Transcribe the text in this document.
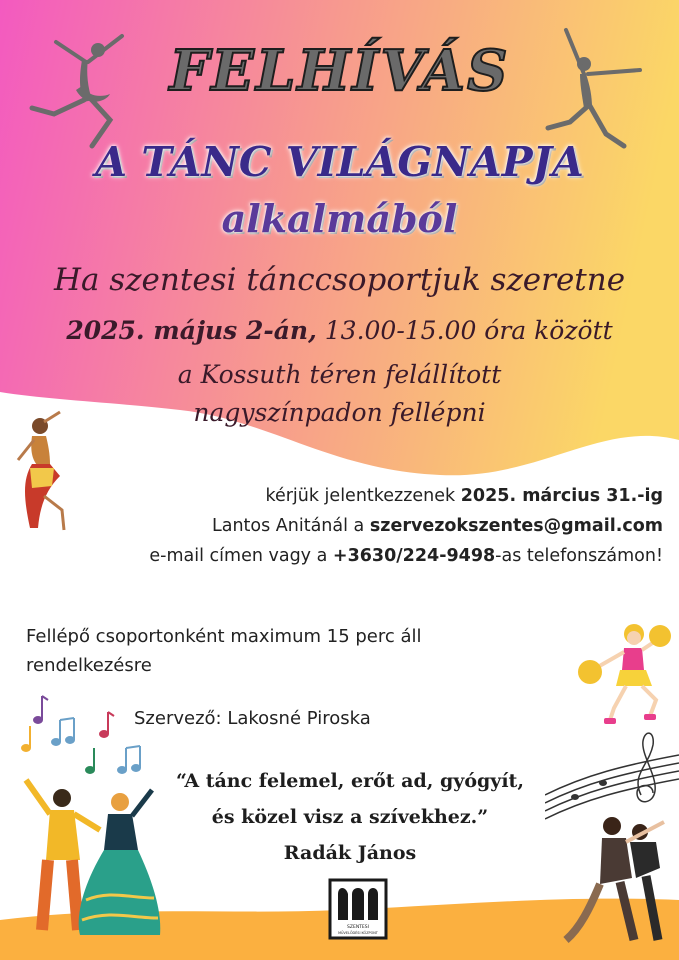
FELHÍVÁS
A TÁNC VILÁGNAPJA
alkalmából
Ha szentesi tánccsoportjuk szeretne
2025. május 2-án, 13.00-15.00 óra között
a Kossuth téren felállított
nagyszínpadon fellépni
kérjük jelentkezzenek 2025. március 31.-ig
Lantos Anitánál a szervezokszentes@gmail.com
e-mail címen vagy a +3630/224-9498-as telefonszámon!
Fellépő csoportonként maximum 15 perc áll
rendelkezésre
Szervező: Lakosné Piroska
“A tánc felemel, erőt ad, gyógyít,
és közel visz a szívekhez.”
Radák János
SZENTESI
MŰVELŐDÉSI KÖZPONT
